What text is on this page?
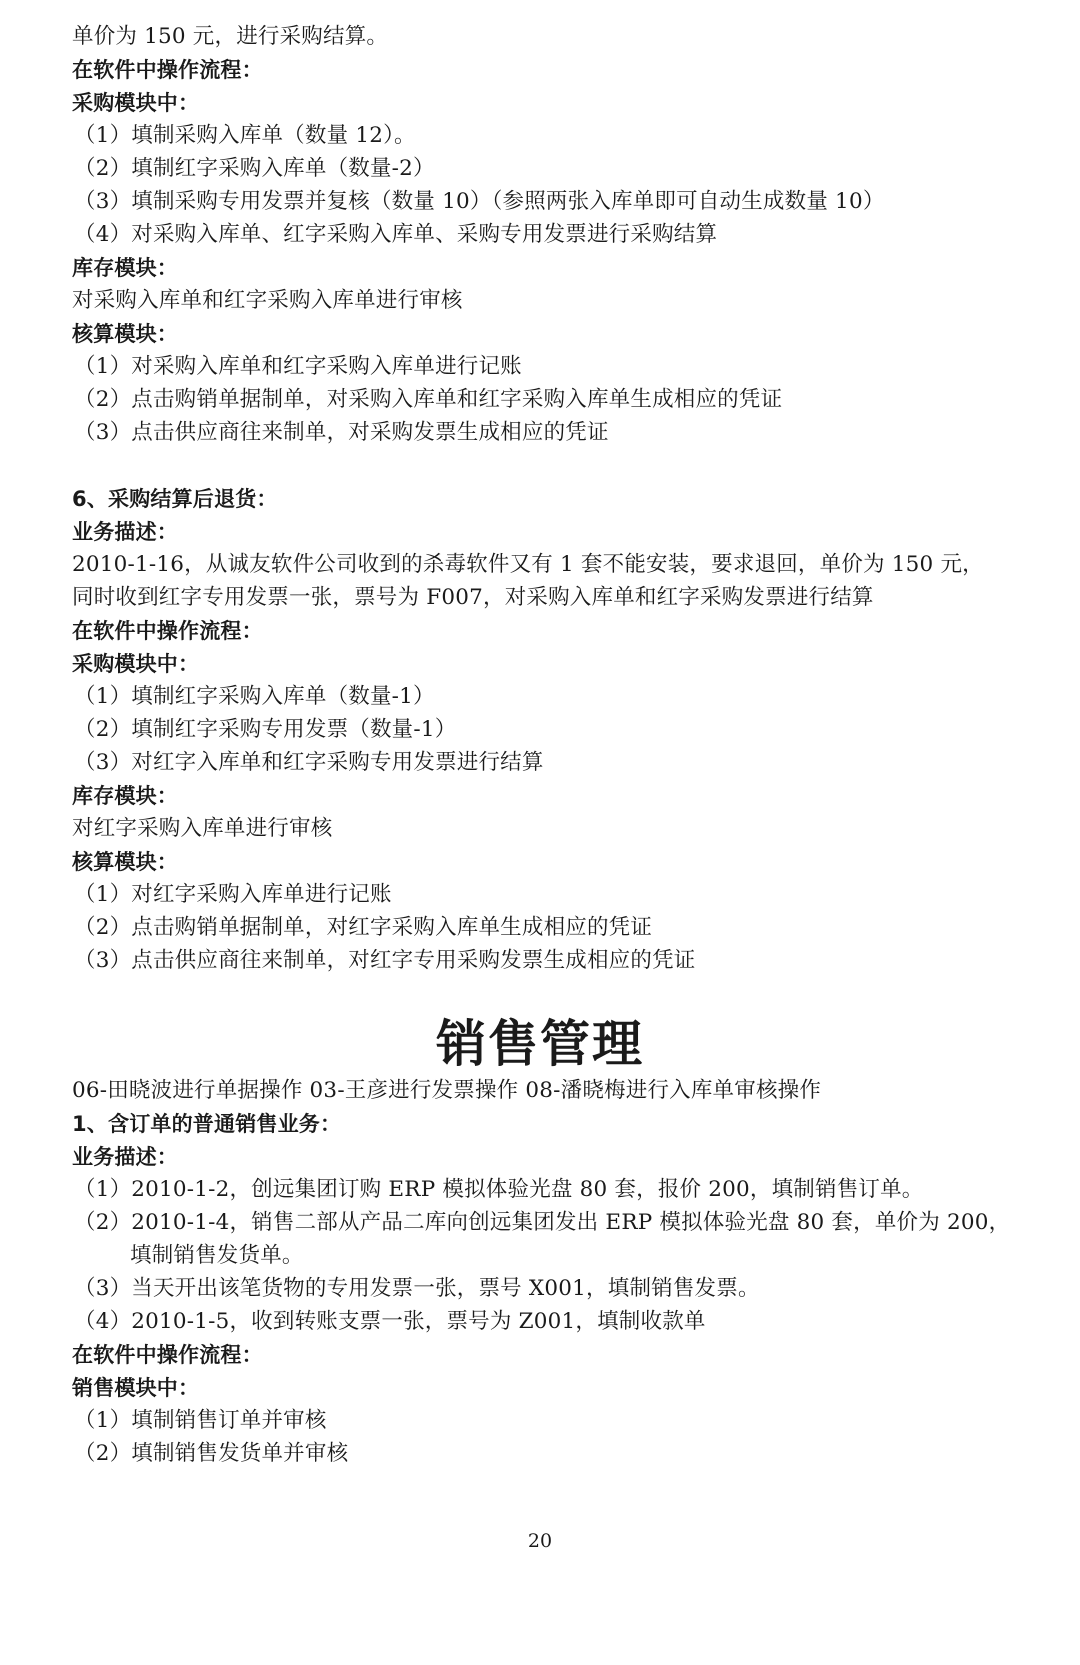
单价为 150 元，进行采购结算。
在软件中操作流程：
采购模块中：
（1）填制采购入库单（数量 12）。
（2）填制红字采购入库单（数量-2）
（3）填制采购专用发票并复核（数量 10）（参照两张入库单即可自动生成数量 10）
（4）对采购入库单、红字采购入库单、采购专用发票进行采购结算
库存模块：
对采购入库单和红字采购入库单进行审核
核算模块：
（1）对采购入库单和红字采购入库单进行记账
（2）点击购销单据制单，对采购入库单和红字采购入库单生成相应的凭证
（3）点击供应商往来制单，对采购发票生成相应的凭证
6、采购结算后退货：
业务描述：
2010-1-16，从诚友软件公司收到的杀毒软件又有 1 套不能安装，要求退回，单价为 150 元，
同时收到红字专用发票一张，票号为 F007，对采购入库单和红字采购发票进行结算
在软件中操作流程：
采购模块中：
（1）填制红字采购入库单（数量-1）
（2）填制红字采购专用发票（数量-1）
（3）对红字入库单和红字采购专用发票进行结算
库存模块：
对红字采购入库单进行审核
核算模块：
（1）对红字采购入库单进行记账
（2）点击购销单据制单，对红字采购入库单生成相应的凭证
（3）点击供应商往来制单，对红字专用采购发票生成相应的凭证
销售管理
06-田晓波进行单据操作 03-王彦进行发票操作 08-潘晓梅进行入库单审核操作
1、含订单的普通销售业务：
业务描述：
（1）2010-1-2，创远集团订购 ERP 模拟体验光盘 80 套，报价 200，填制销售订单。
（2）2010-1-4，销售二部从产品二库向创远集团发出 ERP 模拟体验光盘 80 套，单价为 200，
填制销售发货单。
（3）当天开出该笔货物的专用发票一张，票号 X001，填制销售发票。
（4）2010-1-5，收到转账支票一张，票号为 Z001，填制收款单
在软件中操作流程：
销售模块中：
（1）填制销售订单并审核
（2）填制销售发货单并审核
20
